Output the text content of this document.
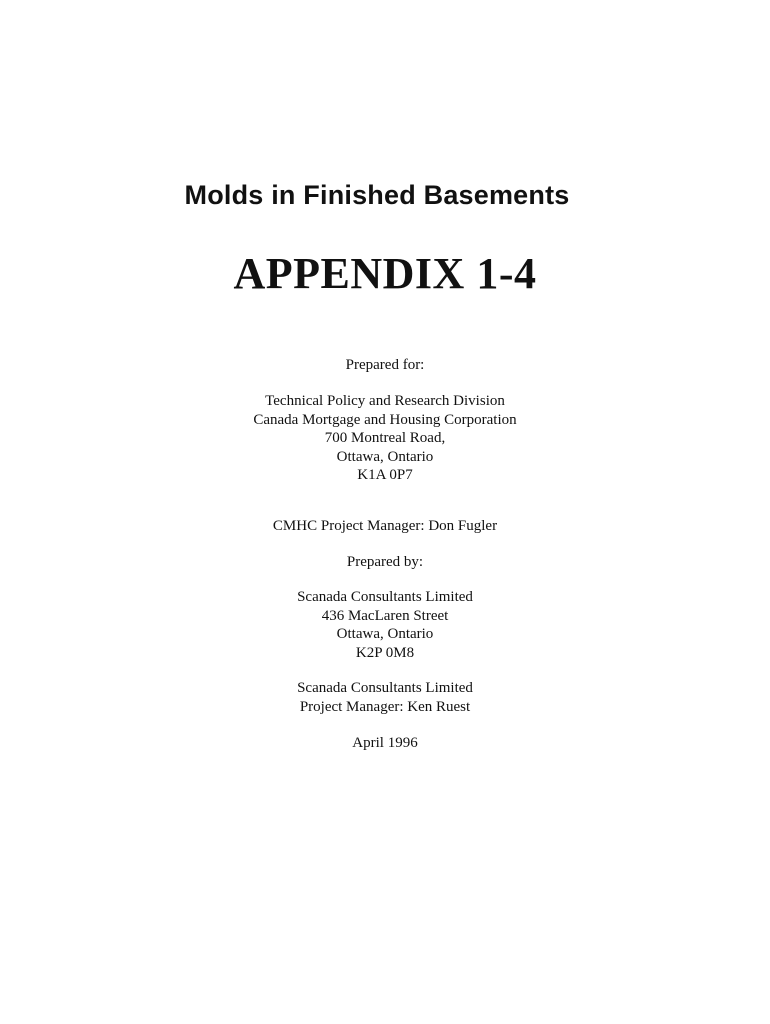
Molds in Finished Basements
APPENDIX 1-4
Prepared for:
Technical Policy and Research Division
Canada Mortgage and Housing Corporation
700 Montreal Road,
Ottawa, Ontario
K1A 0P7
CMHC Project Manager: Don Fugler
Prepared by:
Scanada Consultants Limited
436 MacLaren Street
Ottawa, Ontario
K2P 0M8
Scanada Consultants Limited
Project Manager: Ken Ruest
April 1996
